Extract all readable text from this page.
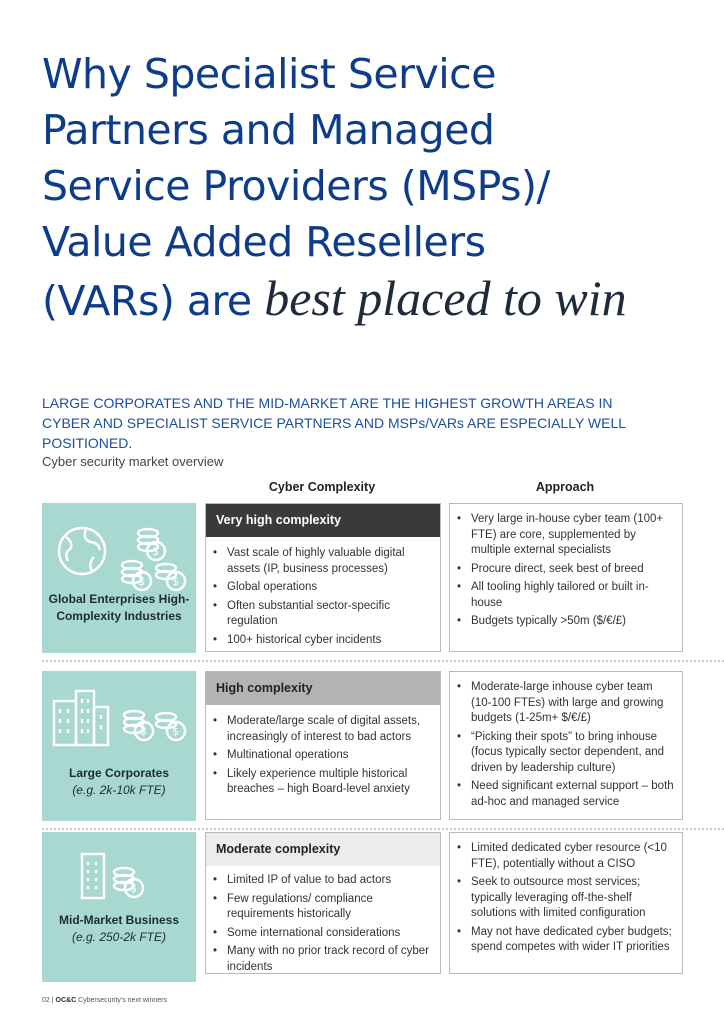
Why Specialist Service
Partners and Managed
Service Providers (MSPs)/
Value Added Resellers
(VARs) are best placed to win

LARGE CORPORATES AND THE MID-MARKET ARE THE HIGHEST GROWTH AREAS IN CYBER AND SPECIALIST SERVICE PARTNERS AND MSPs/VARs ARE ESPECIALLY WELL POSITIONED.

Cyber security market overview

Cyber Complexity	Approach
$
$ $
Global Enterprises High-Complexity Industries
Very high complexity
• Vast scale of highly valuable digital assets (IP, business processes)
• Global operations
• Often substantial sector-specific regulation
• 100+ historical cyber incidents
• Very large in-house cyber team (100+ FTE) are core, supplemented by multiple external specialists
• Procure direct, seek best of breed
• All tooling highly tailored or built in-house
• Budgets typically >50m ($/€/£)
$ $
Large Corporates
(e.g. 2k-10k FTE)
High complexity
• Moderate/large scale of digital assets, increasingly of interest to bad actors
• Multinational operations
• Likely experience multiple historical breaches – high Board-level anxiety
• Moderate-large inhouse cyber team (10-100 FTEs) with large and growing budgets (1-25m+ $/€/£)
• “Picking their spots” to bring inhouse (focus typically sector dependent, and driven by leadership culture)
• Need significant external support – both ad-hoc and managed service
$
Mid-Market Business
(e.g. 250-2k FTE)
Moderate complexity
• Limited IP of value to bad actors
• Few regulations/ compliance requirements historically
• Some international considerations
• Many with no prior track record of cyber incidents
• Limited dedicated cyber resource (<10 FTE), potentially without a CISO
• Seek to outsource most services; typically leveraging off-the-shelf solutions with limited configuration
• May not have dedicated cyber budgets; spend competes with wider IT priorities
02 | OC&C Cybersecurity's next winners
